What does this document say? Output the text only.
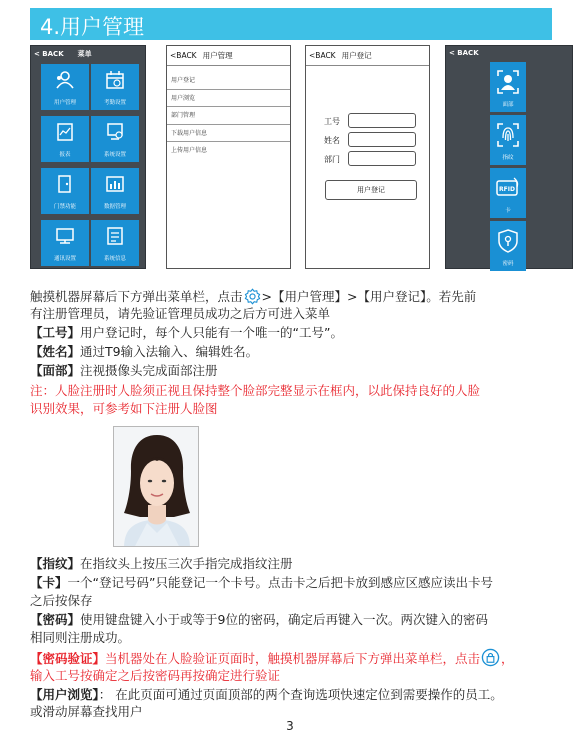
4.用户管理
< BACK 菜单
用户管理	考勤设置
报表	系统设置
门禁功能	数据管理
通讯设置	系统信息
<BACK 用户管理
用户登记
用户浏览
部门管理
下载用户信息
上传用户信息
<BACK 用户登记
工号
姓名
部门
用户登记
< BACK
面部
指纹
RFID
卡
密码
触摸机器屏幕后下方弹出菜单栏，点击 >【用户管理】>【用户登记】。若先前
有注册管理员，请先验证管理员成功之后方可进入菜单
【工号】用户登记时，每个人只能有一个唯一的“工号”。
【姓名】通过T9输入法输入、编辑姓名。
【面部】注视摄像头完成面部注册
注：人脸注册时人脸须正视且保持整个脸部完整显示在框内，以此保持良好的人脸
识别效果，可参考如下注册人脸图
【指纹】在指纹头上按压三次手指完成指纹注册
【卡】一个“登记号码”只能登记一个卡号。点击卡之后把卡放到感应区感应读出卡号
之后按保存
【密码】使用键盘键入小于或等于9位的密码，确定后再键入一次。两次键入的密码
相同则注册成功。
【密码验证】当机器处在人脸验证页面时，触摸机器屏幕后下方弹出菜单栏，点击 ，
输入工号按确定之后按密码再按确定进行验证
【用户浏览】： 在此页面可通过页面顶部的两个查询选项快速定位到需要操作的员工。
或滑动屏幕查找用户
3
